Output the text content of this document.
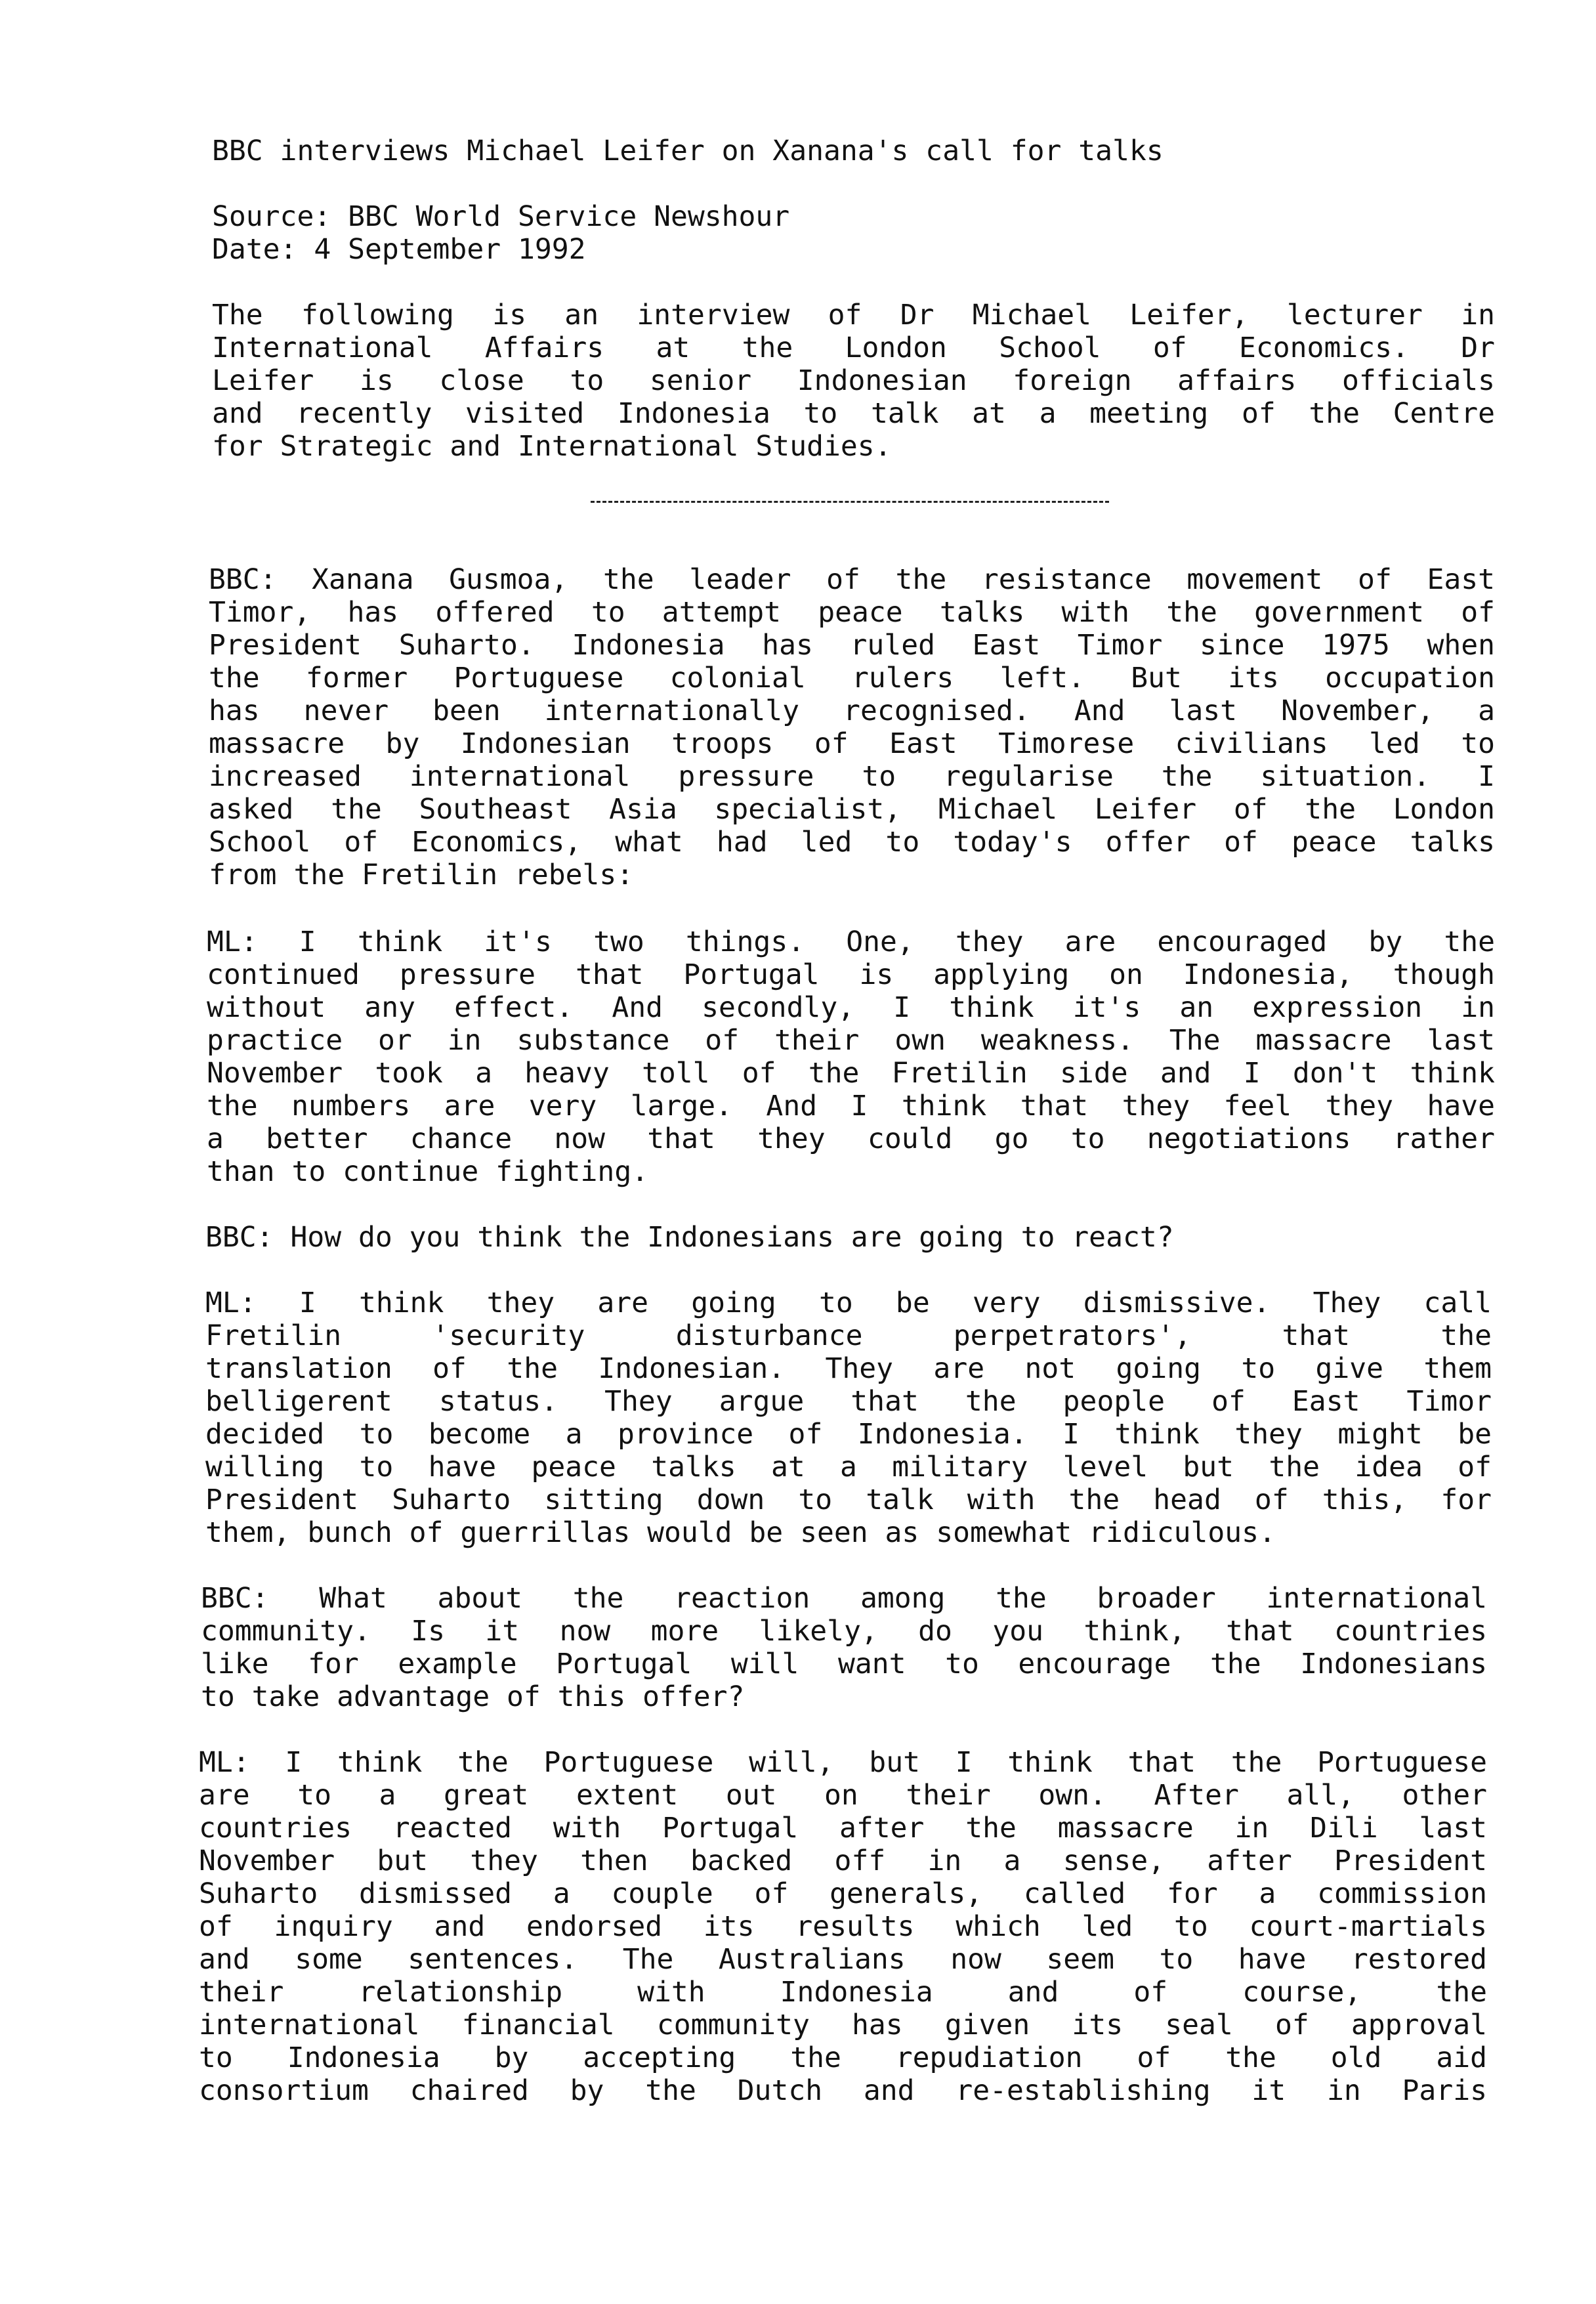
BBC interviews Michael Leifer on Xanana's call for talks
Source: BBC World Service Newshour
Date: 4 September 1992
The following is an interview of Dr Michael Leifer, lecturer in
International Affairs at the London School of Economics. Dr
Leifer is close to senior Indonesian foreign affairs officials
and recently visited Indonesia to talk at a meeting of the Centre
for Strategic and International Studies.
BBC: Xanana Gusmoa, the leader of the resistance movement of East
Timor, has offered to attempt peace talks with the government of
President Suharto. Indonesia has ruled East Timor since 1975 when
the former Portuguese colonial rulers left. But its occupation
has never been internationally recognised. And last November, a
massacre by Indonesian troops of East Timorese civilians led to
increased international pressure to regularise the situation. I
asked the Southeast Asia specialist, Michael Leifer of the London
School of Economics, what had led to today's offer of peace talks
from the Fretilin rebels:
ML: I think it's two things. One, they are encouraged by the
continued pressure that Portugal is applying on Indonesia, though
without any effect. And secondly, I think it's an expression in
practice or in substance of their own weakness. The massacre last
November took a heavy toll of the Fretilin side and I don't think
the numbers are very large. And I think that they feel they have
a better chance now that they could go to negotiations rather
than to continue fighting.
BBC: How do you think the Indonesians are going to react?
ML: I think they are going to be very dismissive. They call
Fretilin 'security disturbance perpetrators', that the
translation of the Indonesian. They are not going to give them
belligerent status. They argue that the people of East Timor
decided to become a province of Indonesia. I think they might be
willing to have peace talks at a military level but the idea of
President Suharto sitting down to talk with the head of this, for
them, bunch of guerrillas would be seen as somewhat ridiculous.
BBC: What about the reaction among the broader international
community. Is it now more likely, do you think, that countries
like for example Portugal will want to encourage the Indonesians
to take advantage of this offer?
ML: I think the Portuguese will, but I think that the Portuguese
are to a great extent out on their own. After all, other
countries reacted with Portugal after the massacre in Dili last
November but they then backed off in a sense, after President
Suharto dismissed a couple of generals, called for a commission
of inquiry and endorsed its results which led to court-martials
and some sentences. The Australians now seem to have restored
their relationship with Indonesia and of course, the
international financial community has given its seal of approval
to Indonesia by accepting the repudiation of the old aid
consortium chaired by the Dutch and re-establishing it in Paris
